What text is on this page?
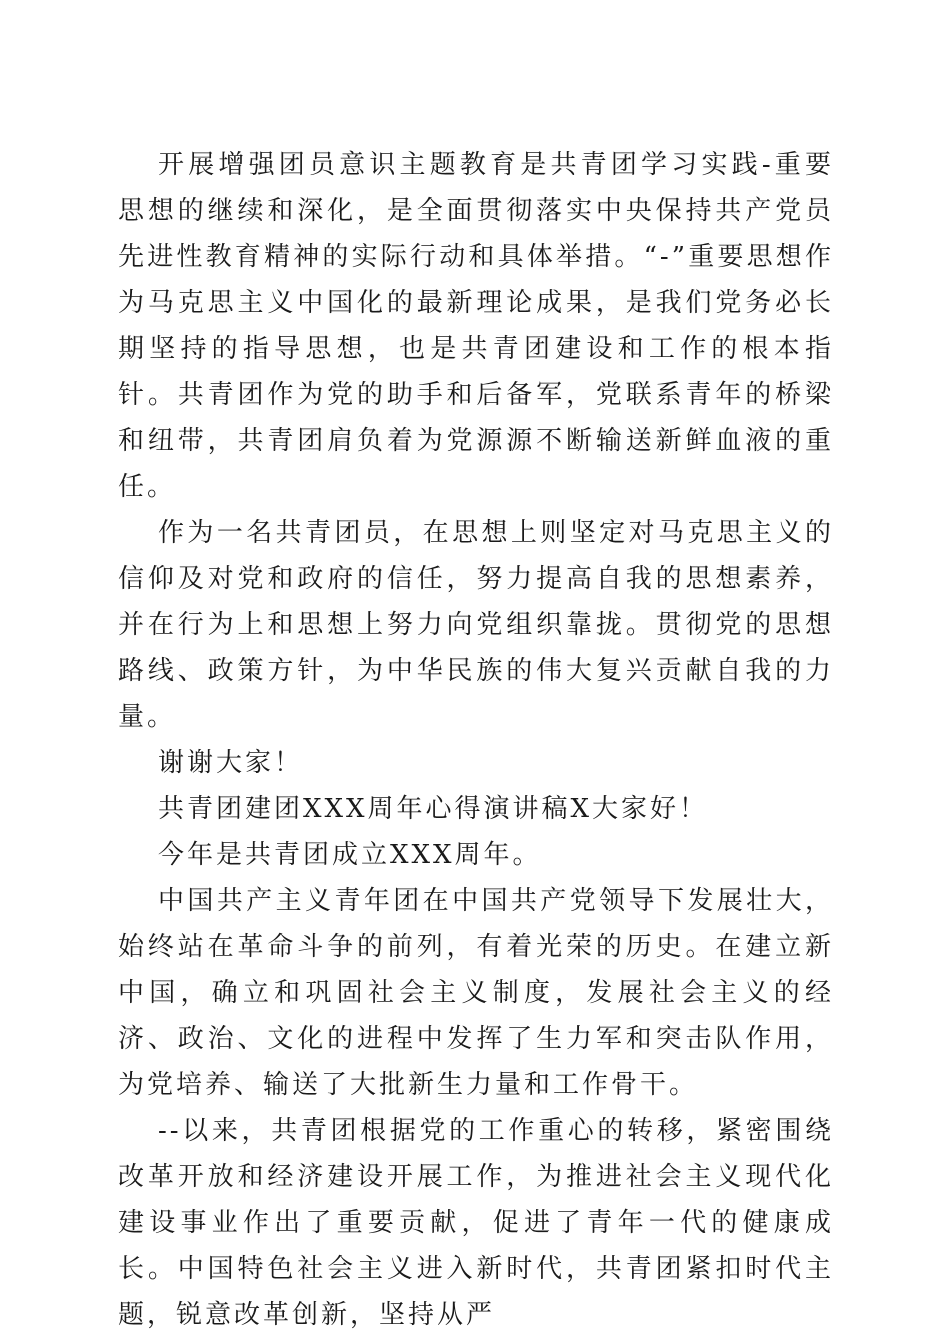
开展增强团员意识主题教育是共青团学习实践-重要思想的继续和深化，是全面贯彻落实中央保持共产党员先进性教育精神的实际行动和具体举措。“-”重要思想作为马克思主义中国化的最新理论成果，是我们党务必长期坚持的指导思想，也是共青团建设和工作的根本指针。共青团作为党的助手和后备军，党联系青年的桥梁和纽带，共青团肩负着为党源源不断输送新鲜血液的重任。

作为一名共青团员，在思想上则坚定对马克思主义的信仰及对党和政府的信任，努力提高自我的思想素养，并在行为上和思想上努力向党组织靠拢。贯彻党的思想路线、政策方针，为中华民族的伟大复兴贡献自我的力量。

谢谢大家！

共青团建团XXX周年心得演讲稿X大家好！

今年是共青团成立XXX周年。

中国共产主义青年团在中国共产党领导下发展壮大，始终站在革命斗争的前列，有着光荣的历史。在建立新中国，确立和巩固社会主义制度，发展社会主义的经济、政治、文化的进程中发挥了生力军和突击队作用，为党培养、输送了大批新生力量和工作骨干。

--以来，共青团根据党的工作重心的转移，紧密围绕改革开放和经济建设开展工作，为推进社会主义现代化建设事业作出了重要贡献，促进了青年一代的健康成长。中国特色社会主义进入新时代，共青团紧扣时代主题，锐意改革创新，坚持从严
